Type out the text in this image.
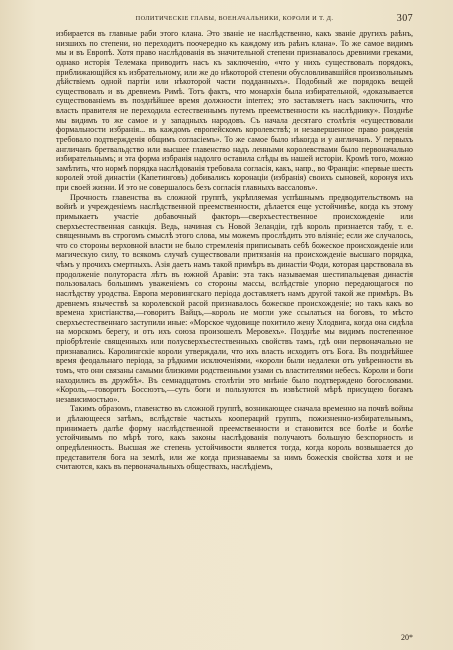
ПОЛИТИЧЕСКІЕ ГЛАВЫ, ВОЕНАЧАЛЬНИКИ, КОРОЛИ И Т. Д.	307

избирается въ главные раби этого клана. Это званіе не наслѣдственно, какъ званіе другихъ раѣнъ, низшихъ по степени, но переходитъ поочередно къ каждому изъ раѣнъ клана». То же самое видимъ мы и въ Европѣ. Хотя право наслѣдованія въ значительной степени признавалось древними греками, однако исторія Телемака приводитъ насъ къ заключенію, «что у нихъ существовалъ порядокъ, приближающійся къ избрательному, или же до нѣкоторой степени обусловливавшійся произвольнымъ дѣйствіемъ одной партіи или нѣкоторой части подданныхъ». Подобный же порядокъ вещей существовалъ и въ древнемъ Римѣ. Тотъ фактъ, что монархія была избирательной, «доказывается существованіемъ въ позднѣйшее время должности interrex; это заставляетъ насъ заключить, что власть правителя не переходила естественнымъ путемъ преемственности къ наслѣднику». Позднѣе мы видимъ то же самое и у западныхъ народовъ. Съ начала десятаго столѣтія «существовали формальности избранія... въ каждомъ европейскомъ королевствѣ; и незавершенное право рожденія требовало подтвержденія общимъ согласіемъ». То же самое было нѣкогда и у англичанъ. У первыхъ англичанъ бретвальдство или высшее главенство надъ ленными королевствами было первоначально избирательнымъ; и эта форма избранія надолго оставила слѣды въ нашей исторіи. Кромѣ того, можно замѣтить, что нормѣ порядка наслѣдованія требовала согласія, какъ, напр., во Франціи: «первые шесть королей этой династіи (Капетинговъ) добивались коронаціи (избранія) своихъ сыновей, коронуя ихъ при своей жизни. И это не совершалось безъ согласія главныхъ вассаловъ».

Прочность главенства въ сложной группѣ, укрѣпляемая успѣшнымъ предводительствомъ на войнѣ и учрежденіемъ наслѣдственной преемственности, дѣлается еще устойчивѣе, когда къ этому примыкаетъ участіе добавочный факторъ—сверхъестественное происхожденіе или сверхъестественная санкція. Ведь, начиная съ Новой Зеландіи, гдѣ король признается табу, т. е. священнымъ въ строгомъ смыслѣ этого слова, мы можемъ прослѣдить это вліяніе; если же случалось, что со стороны верховной власти не было стремленія приписывать себѣ божеское происхожденіе или магическую силу, то всякомъ случаѣ существовали притязанія на происхожденіе высшаго порядка, чѣмъ у прочихъ смертныхъ. Азія даетъ намъ такой примѣръ въ династіи Фоди, которая царствовала въ продолженіе полутораста лѣтъ въ южной Аравіи: эта такъ называемая шестипальцевая династія пользовалась большимъ уваженіемъ со стороны массы, вслѣдствіе упорно передающагося по наслѣдству уродства. Европа меровингскаго періода доставляетъ намъ другой такой же примѣръ. Въ древнемъ язычествѣ за королевской расой признавалось божеское происхожденіе; но такъ какъ во времена христіанства,—говоритъ Вайцъ,—король не могли уже ссылаться на боговъ, то мѣсто сверхъестественнаго заступили иные: «Морское чудовище похитило жену Хлодвига, когда она сидѣла на морскомъ берегу, и отъ ихъ союза произошелъ Меровехъ». Позднѣе мы видимъ постепенное пріобрѣтеніе священныхъ или полусверхъестественныхъ свойствъ тамъ, гдѣ они первоначально не признавались. Каролингскіе короли утверждали, что ихъ власть исходитъ отъ Бога. Въ позднѣйшее время феодальнаго періода, за рѣдкими исключеніями, «короли были недалеки отъ увѣренности въ томъ, что они связаны самыми близкими родственными узами съ властителями небесъ. Короли и боги находились въ дружбѣ». Въ семнадцатомъ столѣтіи это мнѣніе было подтверждено богословами. «Король,—говоритъ Боссюэтъ,—суть боги и пользуются въ извѣстной мѣрѣ присущею богамъ независимостью».

Такимъ образомъ, главенство въ сложной группѣ, возникающее сначала временно на почвѣ войны и дѣлающееся затѣмъ, вслѣдствіе частыхъ коопераций группъ, пожизненно-избирательнымъ, принимаетъ далѣе форму наслѣдственной преемственности и становится все болѣе и болѣе устойчивымъ по мѣрѣ того, какъ законы наслѣдованія получаютъ большую безспорность и опредѣленность. Высшая же степень устойчивости является тогда, когда король возвышается до представителя бога на землѣ, или же когда признаваемы за нимъ божескія свойства хотя и не считаются, какъ въ первоначальныхъ обществахъ, наслѣдіемъ,

20*
